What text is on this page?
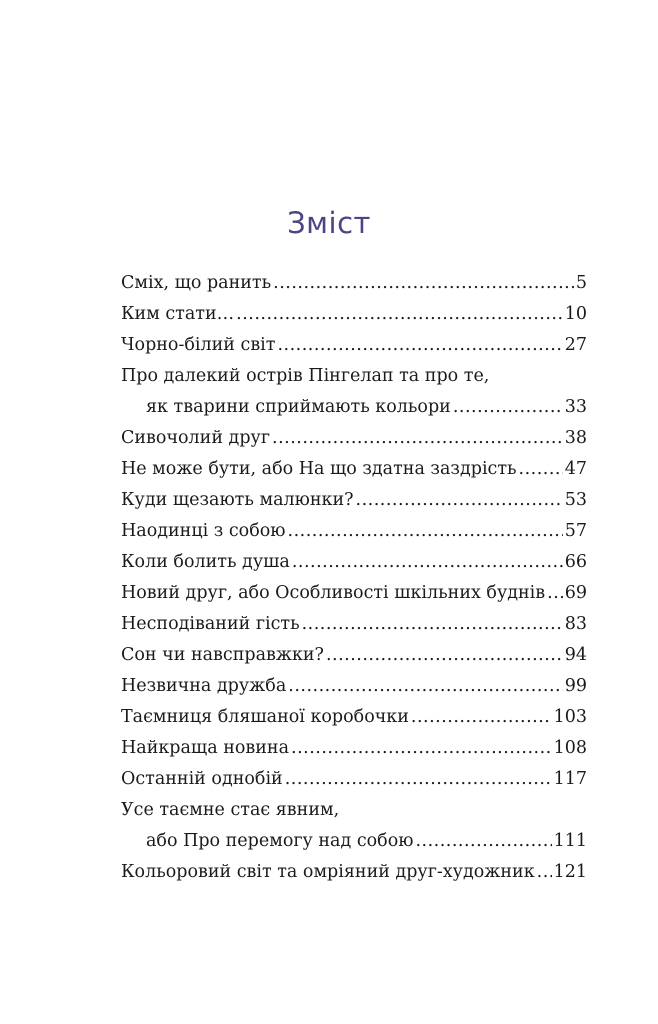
Зміст
Сміх, що ранить .....	5
Ким стати… .....	10
Чорно-білий світ .....	27
Про далекий острів Пінгелап та про те,
як тварини сприймають кольори .....	33
Сивочолий друг .....	38
Не може бути, або На що здатна заздрість .....	47
Куди щезають малюнки? .....	53
Наодинці з собою .....	57
Коли болить душа .....	66
Новий друг, або Особливості шкільних буднів ..... 69
Несподіваний гість .....	83
Сон чи навсправжки? .....	94
Незвична дружба .....	99
Таємниця бляшаної коробочки .....	103
Найкраща новина .....	108
Останній однобій .....	117
Усе таємне стає явним,
або Про перемогу над собою .....	111
Кольоровий світ та омріяний друг-художник ..... 121
